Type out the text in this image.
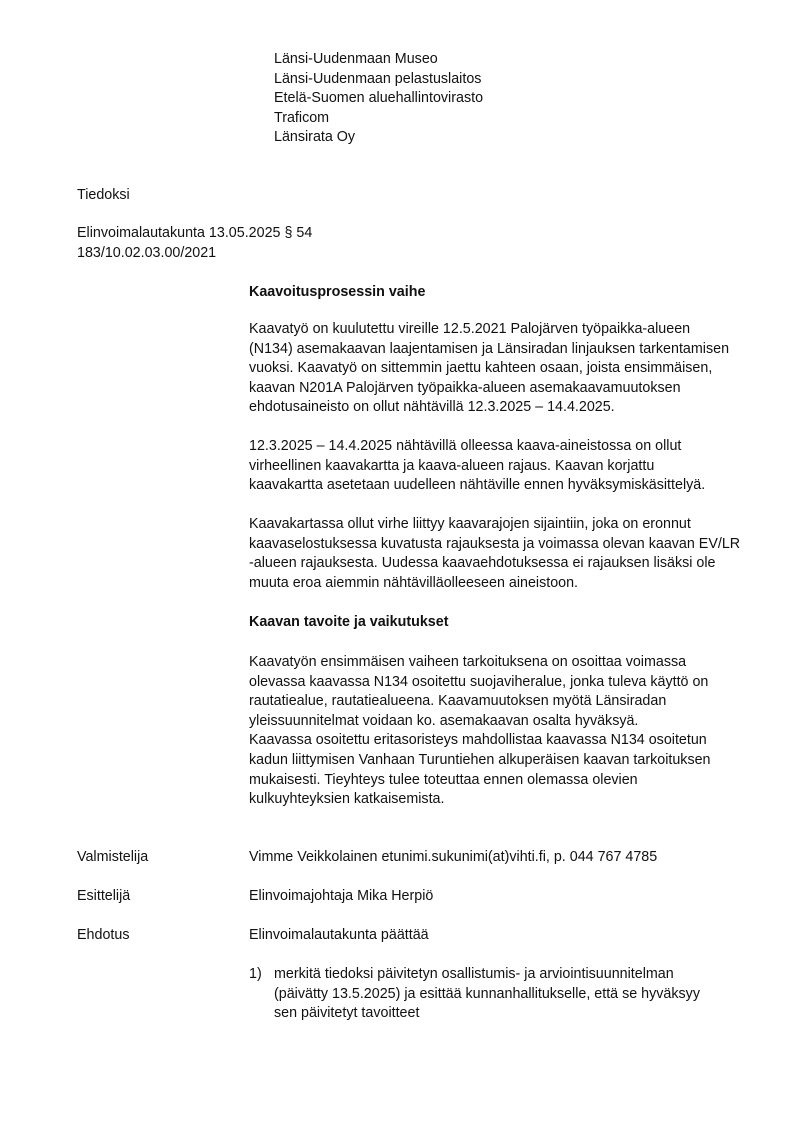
Länsi-Uudenmaan Museo
Länsi-Uudenmaan pelastuslaitos
Etelä-Suomen aluehallintovirasto
Traficom
Länsirata Oy
Tiedoksi
Elinvoimalautakunta 13.05.2025 § 54
183/10.02.03.00/2021
Kaavoitusprosessin vaihe
Kaavatyö on kuulutettu vireille 12.5.2021 Palojärven työpaikka-alueen
(N134) asemakaavan laajentamisen ja Länsiradan linjauksen tarkentamisen
vuoksi. Kaavatyö on sittemmin jaettu kahteen osaan, joista ensimmäisen,
kaavan N201A Palojärven työpaikka-alueen asemakaavamuutoksen
ehdotusaineisto on ollut nähtävillä 12.3.2025 – 14.4.2025.
12.3.2025 – 14.4.2025 nähtävillä olleessa kaava-aineistossa on ollut
virheellinen kaavakartta ja kaava-alueen rajaus. Kaavan korjattu
kaavakartta asetetaan uudelleen nähtäville ennen hyväksymiskäsittelyä.
Kaavakartassa ollut virhe liittyy kaavarajojen sijaintiin, joka on eronnut
kaavaselostuksessa kuvatusta rajauksesta ja voimassa olevan kaavan EV/LR
-alueen rajauksesta. Uudessa kaavaehdotuksessa ei rajauksen lisäksi ole
muuta eroa aiemmin nähtävilläolleeseen aineistoon.
Kaavan tavoite ja vaikutukset
Kaavatyön ensimmäisen vaiheen tarkoituksena on osoittaa voimassa
olevassa kaavassa N134 osoitettu suojaviheralue, jonka tuleva käyttö on
rautatiealue, rautatiealueena. Kaavamuutoksen myötä Länsiradan
yleissuunnitelmat voidaan ko. asemakaavan osalta hyväksyä.
Kaavassa osoitettu eritasoristeys mahdollistaa kaavassa N134 osoitetun
kadun liittymisen Vanhaan Turuntiehen alkuperäisen kaavan tarkoituksen
mukaisesti. Tieyhteys tulee toteuttaa ennen olemassa olevien
kulkuyhteyksien katkaisemista.
Valmistelija	Vimme Veikkolainen etunimi.sukunimi(at)vihti.fi, p. 044 767 4785
Esittelijä	Elinvoimajohtaja Mika Herpiö
Ehdotus	Elinvoimalautakunta päättää
1) merkitä tiedoksi päivitetyn osallistumis- ja arviointisuunnitelman
(päivätty 13.5.2025) ja esittää kunnanhallitukselle, että se hyväksyy
sen päivitetyt tavoitteet
